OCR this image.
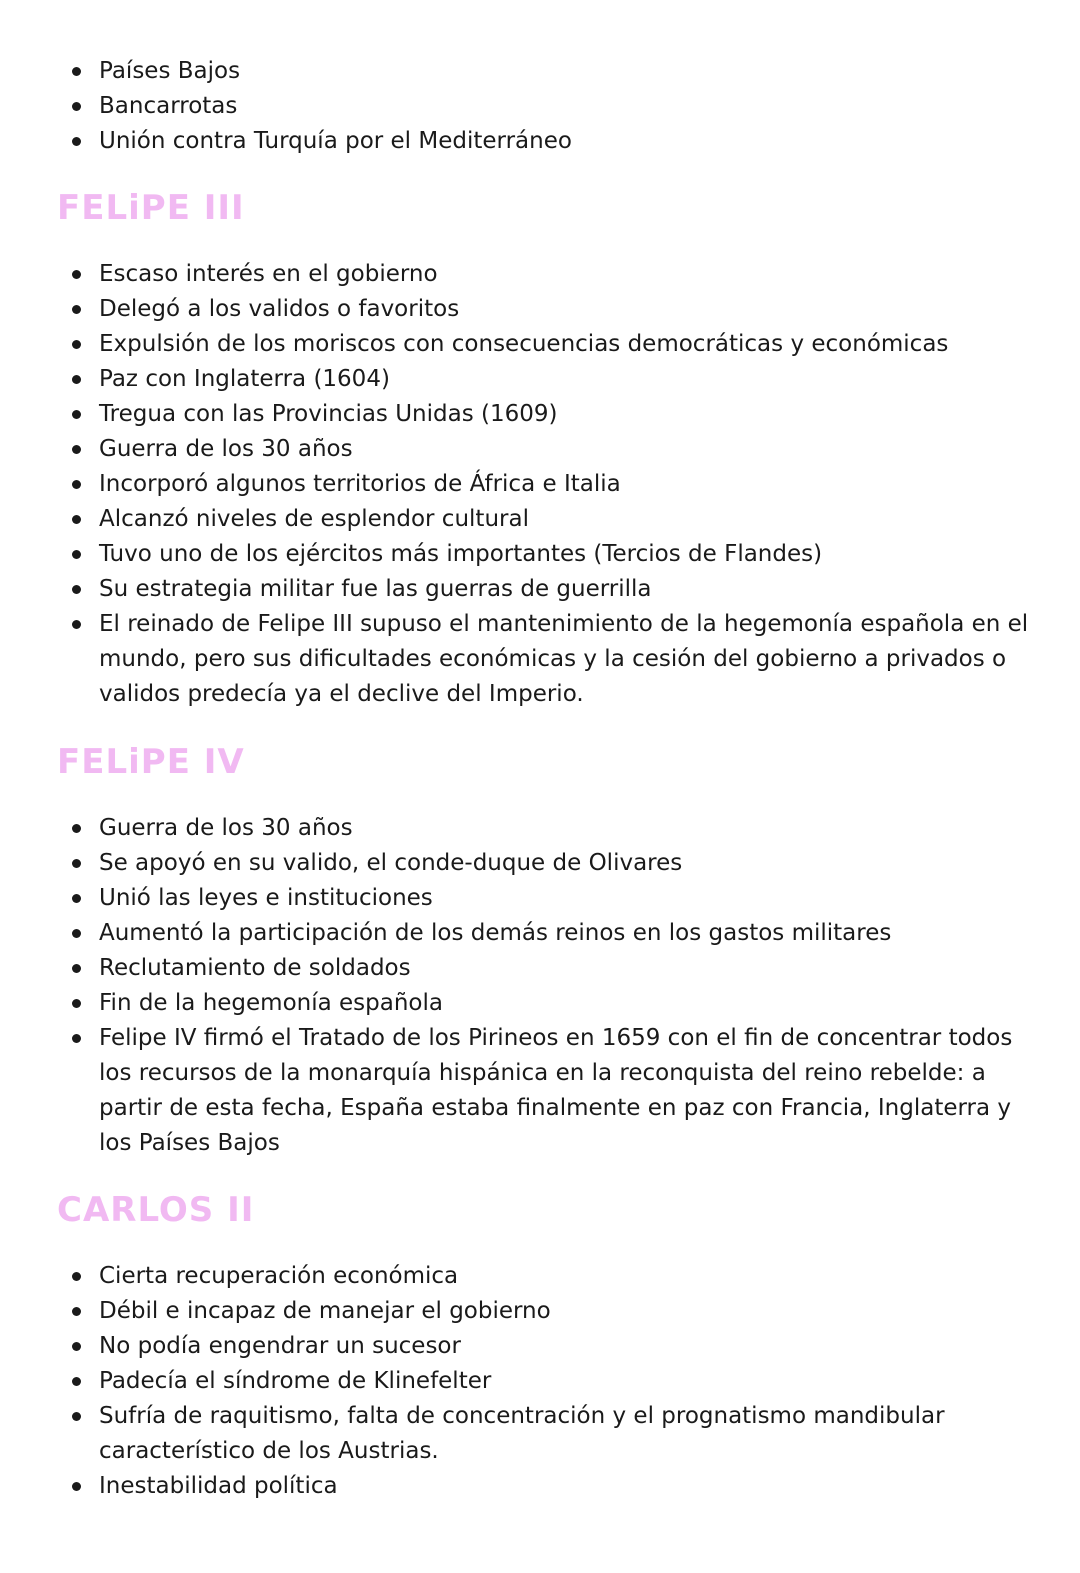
Países Bajos
Bancarrotas
Unión contra Turquía por el Mediterráneo
FELiPE III
Escaso interés en el gobierno
Delegó a los validos o favoritos
Expulsión de los moriscos con consecuencias democráticas y económicas
Paz con Inglaterra (1604)
Tregua con las Provincias Unidas (1609)
Guerra de los 30 años
Incorporó algunos territorios de África e Italia
Alcanzó niveles de esplendor cultural
Tuvo uno de los ejércitos más importantes (Tercios de Flandes)
Su estrategia militar fue las guerras de guerrilla
El reinado de Felipe III supuso el mantenimiento de la hegemonía española en el mundo, pero sus dificultades económicas y la cesión del gobierno a privados o validos predecía ya el declive del Imperio.
FELiPE IV
Guerra de los 30 años
Se apoyó en su valido, el conde-duque de Olivares
Unió las leyes e instituciones
Aumentó la participación de los demás reinos en los gastos militares
Reclutamiento de soldados
Fin de la hegemonía española
Felipe IV firmó el Tratado de los Pirineos en 1659 con el fin de concentrar todos los recursos de la monarquía hispánica en la reconquista del reino rebelde: a partir de esta fecha, España estaba finalmente en paz con Francia, Inglaterra y los Países Bajos
CARLOS II
Cierta recuperación económica
Débil e incapaz de manejar el gobierno
No podía engendrar un sucesor
Padecía el síndrome de Klinefelter
Sufría de raquitismo, falta de concentración y el prognatismo mandibular característico de los Austrias.
Inestabilidad política
